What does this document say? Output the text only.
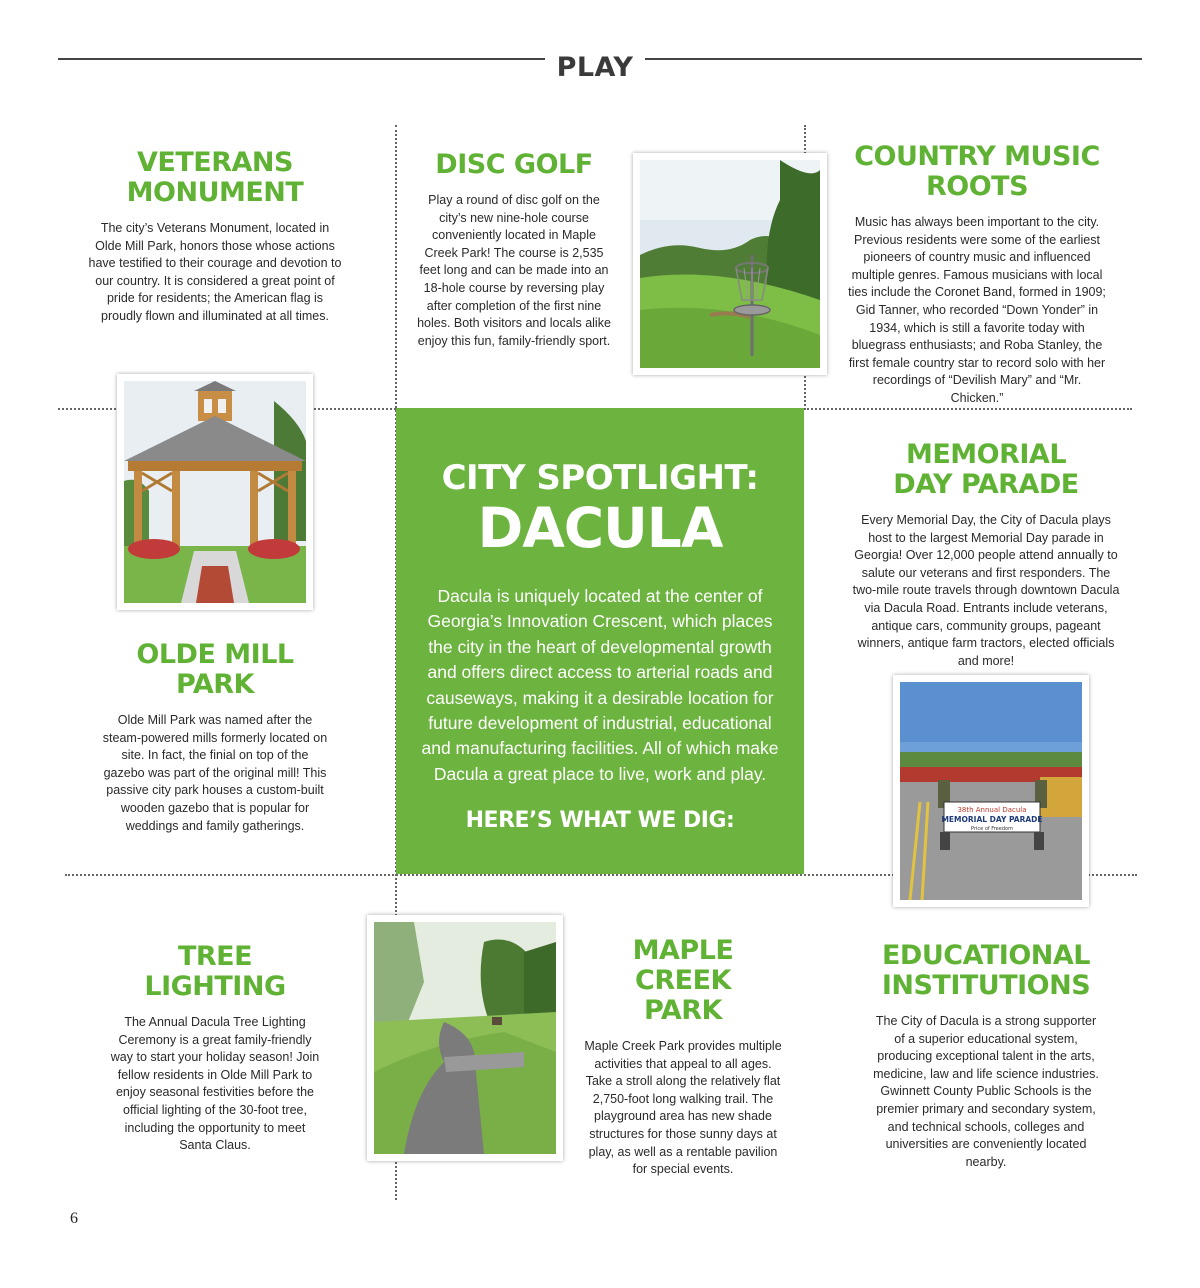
PLAY
VETERANS
MONUMENT

The city’s Veterans Monument, located in Olde Mill Park, honors those whose actions have testified to their courage and devotion to our country. It is considered a great point of pride for residents; the American flag is proudly flown and illuminated at all times.

DISC GOLF

Play a round of disc golf on the city’s new nine-hole course conveniently located in Maple Creek Park! The course is 2,535 feet long and can be made into an 18-hole course by reversing play after completion of the first nine holes. Both visitors and locals alike enjoy this fun, family-friendly sport.

COUNTRY MUSIC
ROOTS

Music has always been important to the city. Previous residents were some of the earliest pioneers of country music and influenced multiple genres. Famous musicians with local ties include the Coronet Band, formed in 1909; Gid Tanner, who recorded “Down Yonder” in 1934, which is still a favorite today with bluegrass enthusiasts; and Roba Stanley, the first female country star to record solo with her recordings of “Devilish Mary” and “Mr. Chicken.”

OLDE MILL PARK

Olde Mill Park was named after the steam-powered mills formerly located on site. In fact, the finial on top of the gazebo was part of the original mill! This passive city park houses a custom-built wooden gazebo that is popular for weddings and family gatherings.

CITY SPOTLIGHT:
DACULA
Dacula is uniquely located at the center of Georgia’s Innovation Crescent, which places the city in the heart of developmental growth and offers direct access to arterial roads and causeways, making it a desirable location for future development of industrial, educational and manufacturing facilities. All of which make Dacula a great place to live, work and play.
HERE’S WHAT WE DIG:
MEMORIAL
DAY PARADE

Every Memorial Day, the City of Dacula plays host to the largest Memorial Day parade in Georgia! Over 12,000 people attend annually to salute our veterans and first responders. The two-mile route travels through downtown Dacula via Dacula Road. Entrants include veterans, antique cars, community groups, pageant winners, antique farm tractors, elected officials and more!

38th Annual Dacula
MEMORIAL DAY PARADE
Price of Freedom
TREE LIGHTING

The Annual Dacula Tree Lighting Ceremony is a great family-friendly way to start your holiday season! Join fellow residents in Olde Mill Park to enjoy seasonal festivities before the official lighting of the 30-foot tree, including the opportunity to meet Santa Claus.

MAPLE CREEK
PARK

Maple Creek Park provides multiple activities that appeal to all ages. Take a stroll along the relatively flat 2,750-foot long walking trail. The playground area has new shade structures for those sunny days at play, as well as a rentable pavilion for special events.

EDUCATIONAL
INSTITUTIONS

The City of Dacula is a strong supporter of a superior educational system, producing exceptional talent in the arts, medicine, law and life science industries. Gwinnett County Public Schools is the premier primary and secondary system, and technical schools, colleges and universities are conveniently located nearby.

6
